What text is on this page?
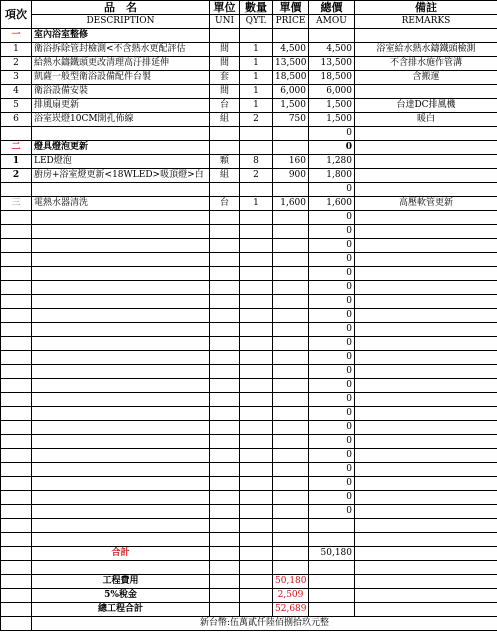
項次	品　名	單位	數量	單價	總價	備註
	DESCRIPTION	UNI	QYT.	PRICE	AMOU	REMARKS
一	室內浴室整修					
1	衛浴拆除管封檢測<不含熱水更配評估	間	1	4,500	4,500	浴室給水熱水鑄鐵頭檢測
2	給熱水鑄鐵頭更改清理高汙排延伸	間	1	13,500	13,500	不含排水施作管溝
3	凱薩一般型衛浴設備配件台製	套	1	18,500	18,500	含搬運
4	衛浴設備安裝	間	1	6,000	6,000	
5	排風扇更新	台	1	1,500	1,500	台達DC排風機
6	浴室崁燈10CM開孔佈線	組	2	750	1,500	暖白
					0	
二	燈具燈泡更新				0	
1	LED燈泡	顆	8	160	1,280	
2	廚房+浴室燈更新<18WLED>吸頂燈>白	組	2	900	1,800	
					0	
三	電熱水器清洗	台	1	1,600	1,600	高壓軟管更新
					0	
					0	
					0	
					0	
					0	
					0	
					0	
					0	
					0	
					0	
					0	
					0	
					0	
					0	
					0	
					0	
					0	
					0	
					0	
					0	
					0	
					0	

	合計				50,180	

	工程費用			50,180		
	5%稅金			2,509		
	總工程合計			52,689		
	新台幣:伍萬貳仟陸佰捌拾玖元整					
